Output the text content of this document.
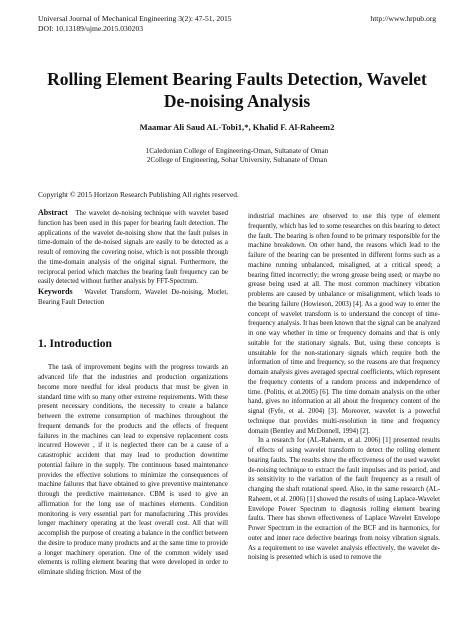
Universal Journal of Mechanical Engineering 3(2): 47-51, 2015
DOI: 10.13189/ujme.2015.030203
http://www.hrpub.org
Rolling Element Bearing Faults Detection, Wavelet
De-noising Analysis
Maamar Ali Saud AL-Tobi1,*, Khalid F. Al-Raheem2
1Caledonian College of Engineering-Oman, Sultanate of Oman
2College of Engineering, Sohar University, Sultanate of Oman
Copyright © 2015 Horizon Research Publishing All rights reserved.

Abstract The wavelet de-noising technique with wavelet based function has been used in this paper for bearing fault detection. The applications of the wavelet de-noising show that the fault pulses in time-domain of the de-noised signals are easily to be detected as a result of removing the covering noise, which is not possible through the time-domain analysis of the original signal. Furthermore, the reciprocal period which matches the bearing fault frequency can be easily detected without further analysis by FFT-Spectrum.

Keywords Wavelet Transform, Wavelet De-noising, Morlet, Bearing Fault Detection

1. Introduction

The task of improvement begins with the progress towards an advanced life that the industries and production organizations become more needful for ideal products that must be given in standard time with so many other extreme requirements. With these present necessary conditions, the necessity to create a balance between the extreme consumption of machines throughout the frequent demands for the products and the effects of frequent failures in the machines can lead to expensive replacement costs incurred However , if it is neglected there can be a cause of a catastrophic accident that may lead to production downtime potential failure in the supply. The continuous based maintenance provides the effective solutions to minimize the consequences of machine failures that have obtained to give preventive maintenance through the predictive maintenance. CBM is used to give an affirmation for the long use of machines elements. Condition monitoring is very essential part for manufacturing .This provides longer machinery operating at the least overall cost. All that will accomplish the purpose of creating a balance in the conflict between the desire to produce many products and at the same time to provide a longer machinery operation. One of the common widely used elements is rolling element bearing that were developed in order to eliminate sliding friction. Most of the

industrial machines are observed to use this type of element frequently, which has led to some researches on this bearing to detect the fault. The bearing is often found to be primary responsible for the machine breakdown. On other hand, the reasons which lead to the failure of the bearing can be presented in different forms such as a machine running unbalanced, misaligned, at a critical speed; a bearing fitted incorrectly; the wrong grease being used; or maybe no grease being used at all. The most common machinery vibration problems are caused by unbalance or misalignment, which leads to the bearing failure (Howieson, 2003) [4]. As a good way to enter the concept of wavelet transform is to understand the concept of time-frequency analysis. It has been known that the signal can be analyzed in one way whether in time or frequency domains and that is only suitable for the stationary signals. But, using these concepts is unsuitable for the non-stationary signals which require both the information of time and frequency, so the reasons are that frequency domain analysis gives averaged spectral coefficients, which represent the frequency contents of a random process and independence of time. (Politis, et al.2005) [6]. The time domain analysis on the other hand, gives no information at all about the frequency content of the signal (Fyfe, et al. 2004) [3]. Moreover, wavelet is a powerful technique that provides multi-resolution in time and frequency domain (Bentley and McDonnell, 1994) [2].

In a research for (AL-Raheem, et al. 2006) [1] presented results of effects of using wavelet transform to detect the rolling element bearing faults. The results show the effectiveness of the used wavelet de-noising technique to extract the fault impulses and its period, and its sensitivity to the variation of the fault frequency as a result of changing the shaft rotational speed. Also, in the same research (AL-Raheem, et al. 2006) [1] showed the results of using Laplace-Wavelet Envelope Power Spectrum to diagnosis rolling element bearing faults. There has shown effectiveness of Laplace Wavelet Envelope Power Spectrum in the extraction of the BCF and its harmonics, for outer and inner race defective bearings from noisy vibration signals. As a requirement to use wavelet analysis effectively, the wavelet de-noising is presented which is used to remove the
